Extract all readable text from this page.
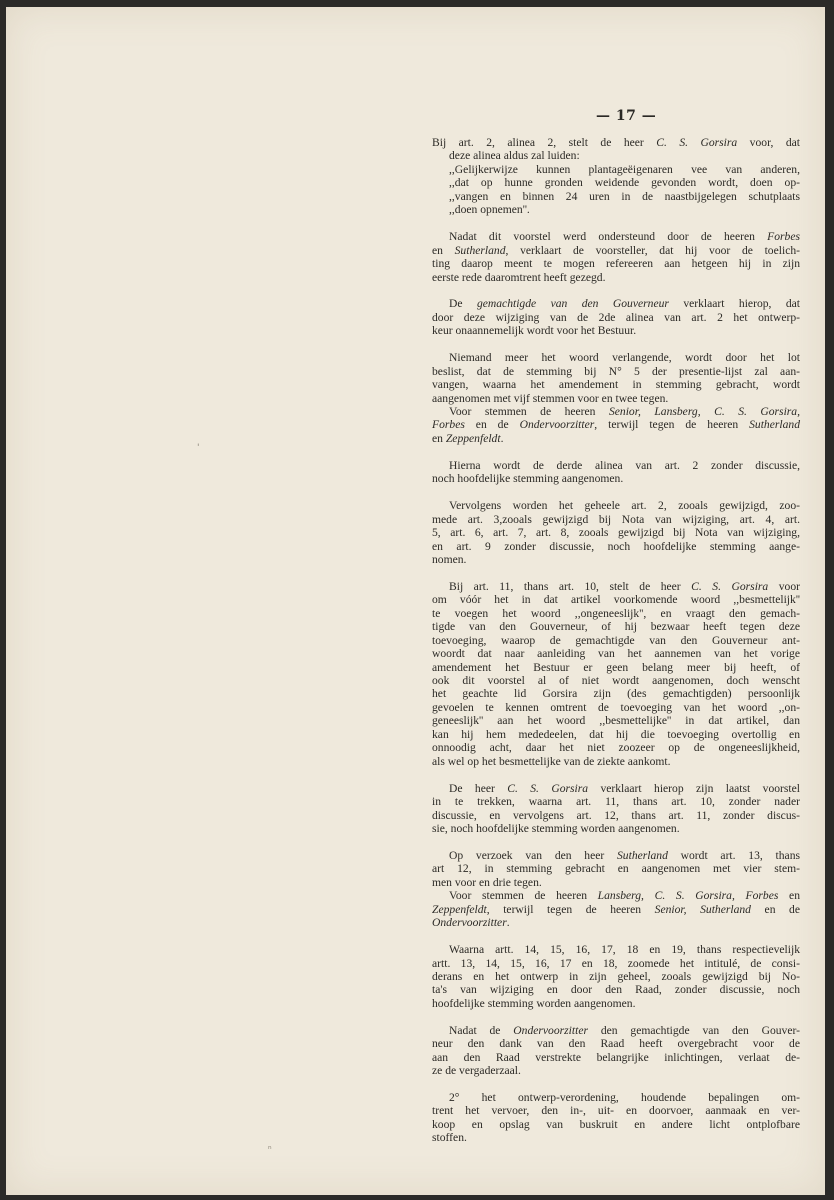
— 17 —
Bij art. 2, alinea 2, stelt de heer C. S. Gorsira voor, dat
deze alinea aldus zal luiden:
,,Gelijkerwijze kunnen plantageëigenaren vee van anderen,
,,dat op hunne gronden weidende gevonden wordt, doen op-
,,vangen en binnen 24 uren in de naastbijgelegen schutplaats
,,doen opnemen''.
Nadat dit voorstel werd ondersteund door de heeren Forbes
en Sutherland, verklaart de voorsteller, dat hij voor de toelich-
ting daarop meent te mogen refereeren aan hetgeen hij in zijn
eerste rede daaromtrent heeft gezegd.
De gemachtigde van den Gouverneur verklaart hierop, dat
door deze wijziging van de 2de alinea van art. 2 het ontwerp-
keur onaannemelijk wordt voor het Bestuur.
Niemand meer het woord verlangende, wordt door het lot
beslist, dat de stemming bij N° 5 der presentie-lijst zal aan-
vangen, waarna het amendement in stemming gebracht, wordt
aangenomen met vijf stemmen voor en twee tegen.
Voor stemmen de heeren Senior, Lansberg, C. S. Gorsira,
Forbes en de Ondervoorzitter, terwijl tegen de heeren Sutherland
en Zeppenfeldt.
Hierna wordt de derde alinea van art. 2 zonder discussie,
noch hoofdelijke stemming aangenomen.
Vervolgens worden het geheele art. 2, zooals gewijzigd, zoo-
mede art. 3,zooals gewijzigd bij Nota van wijziging, art. 4, art.
5, art. 6, art. 7, art. 8, zooals gewijzigd bij Nota van wijziging,
en art. 9 zonder discussie, noch hoofdelijke stemming aange-
nomen.
Bij art. 11, thans art. 10, stelt de heer C. S. Gorsira voor
om vóór het in dat artikel voorkomende woord ,,besmettelijk''
te voegen het woord ,,ongeneeslijk'', en vraagt den gemach-
tigde van den Gouverneur, of hij bezwaar heeft tegen deze
toevoeging, waarop de gemachtigde van den Gouverneur ant-
woordt dat naar aanleiding van het aannemen van het vorige
amendement het Bestuur er geen belang meer bij heeft, of
ook dit voorstel al of niet wordt aangenomen, doch wenscht
het geachte lid Gorsira zijn (des gemachtigden) persoonlijk
gevoelen te kennen omtrent de toevoeging van het woord ,,on-
geneeslijk'' aan het woord ,,besmettelijke'' in dat artikel, dan
kan hij hem mededeelen, dat hij die toevoeging overtollig en
onnoodig acht, daar het niet zoozeer op de ongeneeslijkheid,
als wel op het besmettelijke van de ziekte aankomt.
De heer C. S. Gorsira verklaart hierop zijn laatst voorstel
in te trekken, waarna art. 11, thans art. 10, zonder nader
discussie, en vervolgens art. 12, thans art. 11, zonder discus-
sie, noch hoofdelijke stemming worden aangenomen.
Op verzoek van den heer Sutherland wordt art. 13, thans
art 12, in stemming gebracht en aangenomen met vier stem-
men voor en drie tegen.
Voor stemmen de heeren Lansberg, C. S. Gorsira, Forbes en
Zeppenfeldt, terwijl tegen de heeren Senior, Sutherland en de
Ondervoorzitter.
Waarna artt. 14, 15, 16, 17, 18 en 19, thans respectievelijk
artt. 13, 14, 15, 16, 17 en 18, zoomede het intitulé, de consi-
derans en het ontwerp in zijn geheel, zooals gewijzigd bij No-
ta's van wijziging en door den Raad, zonder discussie, noch
hoofdelijke stemming worden aangenomen.
Nadat de Ondervoorzitter den gemachtigde van den Gouver-
neur den dank van den Raad heeft overgebracht voor de
aan den Raad verstrekte belangrijke inlichtingen, verlaat de-
ze de vergaderzaal.
2° het ontwerp-verordening, houdende bepalingen om-
trent het vervoer, den in-, uit- en doorvoer, aanmaak en ver-
koop en opslag van buskruit en andere licht ontplofbare
stoffen.
'
ⁿ
